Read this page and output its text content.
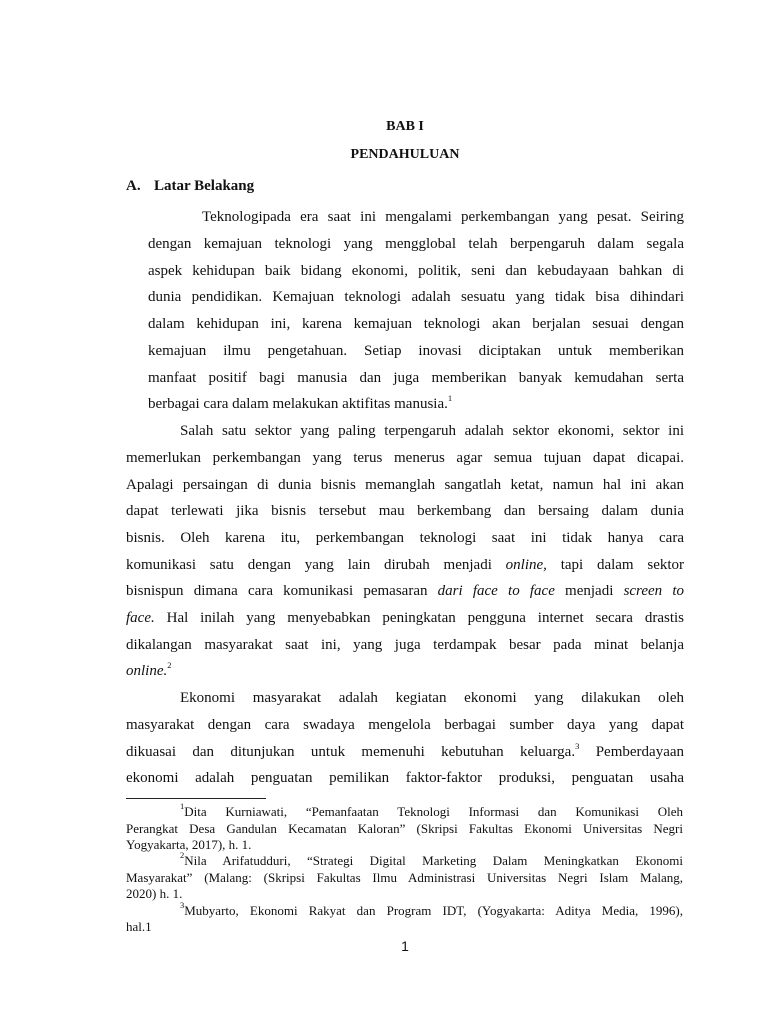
BAB I
PENDAHULUAN
A. Latar Belakang
Teknologipada era saat ini mengalami perkembangan yang pesat. Seiring
dengan kemajuan teknologi yang mengglobal telah berpengaruh dalam segala
aspek kehidupan baik bidang ekonomi, politik, seni dan kebudayaan bahkan di
dunia pendidikan. Kemajuan teknologi adalah sesuatu yang tidak bisa dihindari
dalam kehidupan ini, karena kemajuan teknologi akan berjalan sesuai dengan
kemajuan ilmu pengetahuan. Setiap inovasi diciptakan untuk memberikan
manfaat positif bagi manusia dan juga memberikan banyak kemudahan serta
berbagai cara dalam melakukan aktifitas manusia.$^1$
Salah satu sektor yang paling terpengaruh adalah sektor ekonomi, sektor ini
memerlukan perkembangan yang terus menerus agar semua tujuan dapat dicapai.
Apalagi persaingan di dunia bisnis memanglah sangatlah ketat, namun hal ini akan
dapat terlewati jika bisnis tersebut mau berkembang dan bersaing dalam dunia
bisnis. Oleh karena itu, perkembangan teknologi saat ini tidak hanya cara
komunikasi satu dengan yang lain dirubah menjadi online, tapi dalam sektor
bisnispun dimana cara komunikasi pemasaran dari face to face menjadi screen to
face. Hal inilah yang menyebabkan peningkatan pengguna internet secara drastis
dikalangan masyarakat saat ini, yang juga terdampak besar pada minat belanja
online.$^2$
Ekonomi masyarakat adalah kegiatan ekonomi yang dilakukan oleh
masyarakat dengan cara swadaya mengelola berbagai sumber daya yang dapat
dikuasai dan ditunjukan untuk memenuhi kebutuhan keluarga.$^3$ Pemberdayaan
ekonomi adalah penguatan pemilikan faktor-faktor produksi, penguatan usaha
$^1$Dita Kurniawati, “Pemanfaatan Teknologi Informasi dan Komunikasi Oleh
Perangkat Desa Gandulan Kecamatan Kaloran” (Skripsi Fakultas Ekonomi Universitas Negri
Yogyakarta, 2017), h. 1.
$^2$Nila Arifatudduri, “Strategi Digital Marketing Dalam Meningkatkan Ekonomi
Masyarakat” (Malang: (Skripsi Fakultas Ilmu Administrasi Universitas Negri Islam Malang,
2020) h. 1.
$^3$Mubyarto, Ekonomi Rakyat dan Program IDT, (Yogyakarta: Aditya Media, 1996),
hal.1
1
